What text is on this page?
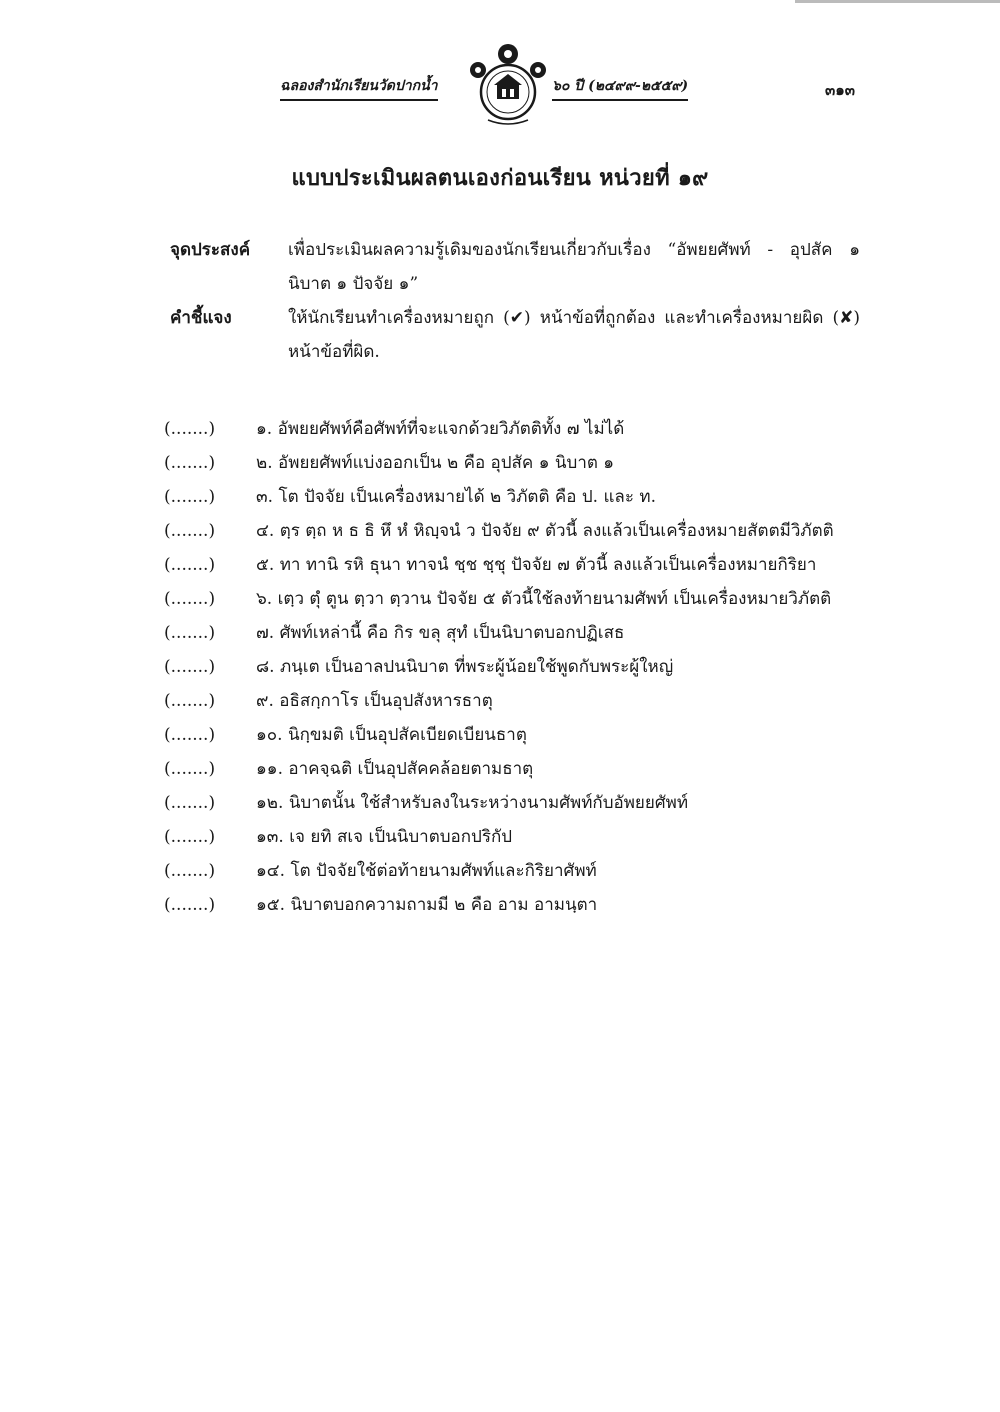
ฉลองสำนักเรียนวัดปากน้ำ	๖๐ ปี (๒๔๙๙-๒๕๕๙)	๓๑๓
แบบประเมินผลตนเองก่อนเรียน หน่วยที่ ๑๙
จุดประสงค์	เพื่อประเมินผลความรู้เดิมของนักเรียนเกี่ยวกับเรื่อง “อัพยยศัพท์ - อุปสัค ๑ นิบาต ๑ ปัจจัย ๑”
คำชี้แจง	ให้นักเรียนทำเครื่องหมายถูก (✔) หน้าข้อที่ถูกต้อง และทำเครื่องหมายผิด (✘) หน้าข้อที่ผิด.
(.......)	๑. อัพยยศัพท์คือศัพท์ที่จะแจกด้วยวิภัตติทั้ง ๗ ไม่ได้
(.......)	๒. อัพยยศัพท์แบ่งออกเป็น ๒ คือ อุปสัค ๑ นิบาต ๑
(.......)	๓. โต ปัจจัย เป็นเครื่องหมายได้ ๒ วิภัตติ คือ ป. และ ท.
(.......)	๔. ตฺร ตฺถ ห ธ ธิ หึ หํ หิญฺจนํ ว ปัจจัย ๙ ตัวนี้ ลงแล้วเป็นเครื่องหมายสัตตมีวิภัตติ
(.......)	๕. ทา ทานิ รหิ ธุนา ทาจนํ ชฺช ชฺชุ ปัจจัย ๗ ตัวนี้ ลงแล้วเป็นเครื่องหมายกิริยา
(.......)	๖. เตฺว ตุํ ตูน ตฺวา ตฺวาน ปัจจัย ๕ ตัวนี้ใช้ลงท้ายนามศัพท์ เป็นเครื่องหมายวิภัตติ
(.......)	๗. ศัพท์เหล่านี้ คือ กิร ขลุ สุทํ เป็นนิบาตบอกปฏิเสธ
(.......)	๘. ภนฺเต เป็นอาลปนนิบาต ที่พระผู้น้อยใช้พูดกับพระผู้ใหญ่
(.......)	๙. อธิสกฺกาโร เป็นอุปสังหารธาตุ
(.......)	๑๐. นิกฺขมติ เป็นอุปสัคเบียดเบียนธาตุ
(.......)	๑๑. อาคจฺฉติ เป็นอุปสัคคล้อยตามธาตุ
(.......)	๑๒. นิบาตนั้น ใช้สำหรับลงในระหว่างนามศัพท์กับอัพยยศัพท์
(.......)	๑๓. เจ ยทิ สเจ เป็นนิบาตบอกปริกัป
(.......)	๑๔. โต ปัจจัยใช้ต่อท้ายนามศัพท์และกิริยาศัพท์
(.......)	๑๕. นิบาตบอกความถามมี ๒ คือ อาม อามนฺตา
